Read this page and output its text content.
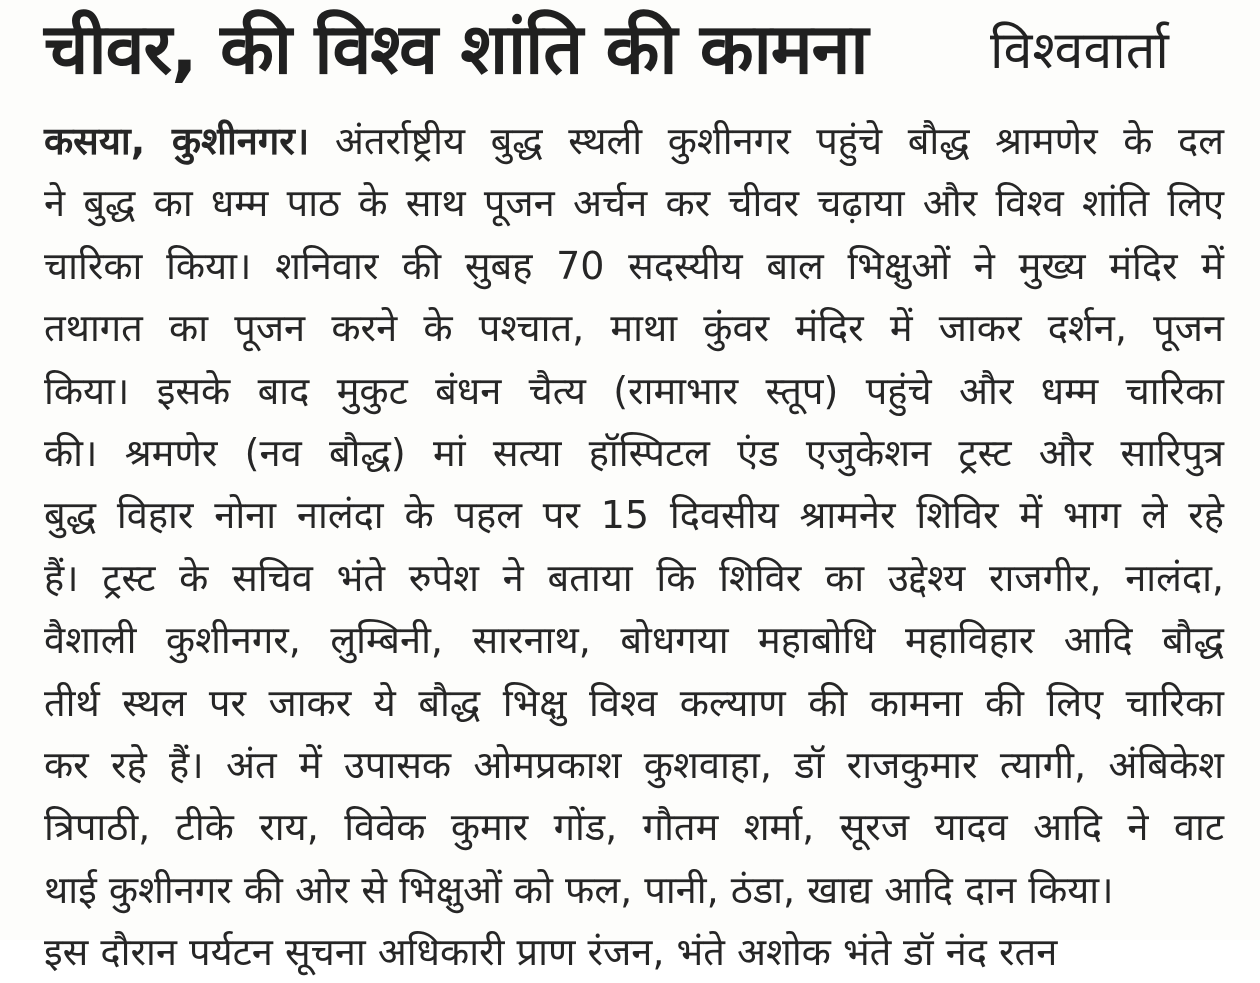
चीवर, की विश्व शांति की कामना विश्ववार्ता
कसया, कुशीनगर। अंतर्राष्ट्रीय बुद्ध स्थली कुशीनगर पहुंचे बौद्ध श्रामणेर के दल
ने बुद्ध का धम्म पाठ के साथ पूजन अर्चन कर चीवर चढ़ाया और विश्व शांति लिए
चारिका किया। शनिवार की सुबह 70 सदस्यीय बाल भिक्षुओं ने मुख्य मंदिर में
तथागत का पूजन करने के पश्चात, माथा कुंवर मंदिर में जाकर दर्शन, पूजन
किया। इसके बाद मुकुट बंधन चैत्य (रामाभार स्तूप) पहुंचे और धम्म चारिका
की। श्रमणेर (नव बौद्ध) मां सत्या हॉस्पिटल एंड एजुकेशन ट्रस्ट और सारिपुत्र
बुद्ध विहार नोना नालंदा के पहल पर 15 दिवसीय श्रामनेर शिविर में भाग ले रहे
हैं। ट्रस्ट के सचिव भंते रुपेश ने बताया कि शिविर का उद्देश्य राजगीर, नालंदा,
वैशाली कुशीनगर, लुम्बिनी, सारनाथ, बोधगया महाबोधि महाविहार आदि बौद्ध
तीर्थ स्थल पर जाकर ये बौद्ध भिक्षु विश्व कल्याण की कामना की लिए चारिका
कर रहे हैं। अंत में उपासक ओमप्रकाश कुशवाहा, डॉ राजकुमार त्यागी, अंबिकेश
त्रिपाठी, टीके राय, विवेक कुमार गोंड, गौतम शर्मा, सूरज यादव आदि ने वाट
थाई कुशीनगर की ओर से भिक्षुओं को फल, पानी, ठंडा, खाद्य आदि दान किया।
इस दौरान पर्यटन सूचना अधिकारी प्राण रंजन, भंते अशोक भंते डॉ नंद रतन
